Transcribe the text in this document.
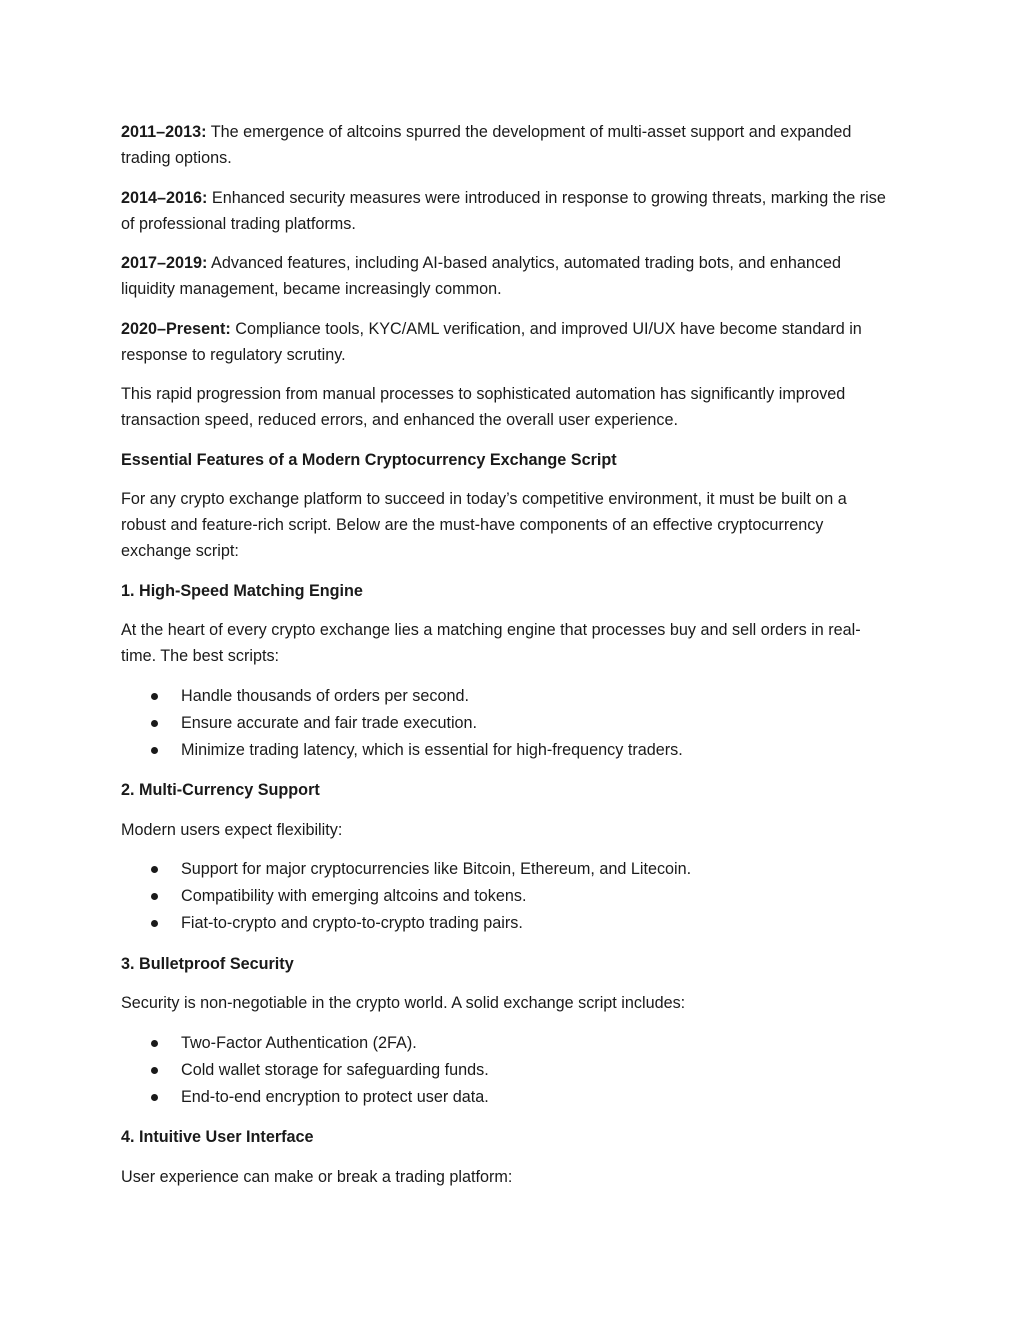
2011–2013: The emergence of altcoins spurred the development of multi-asset support and expanded trading options.

2014–2016: Enhanced security measures were introduced in response to growing threats, marking the rise of professional trading platforms.

2017–2019: Advanced features, including AI-based analytics, automated trading bots, and enhanced liquidity management, became increasingly common.

2020–Present: Compliance tools, KYC/AML verification, and improved UI/UX have become standard in response to regulatory scrutiny.

This rapid progression from manual processes to sophisticated automation has significantly improved transaction speed, reduced errors, and enhanced the overall user experience.

Essential Features of a Modern Cryptocurrency Exchange Script

For any crypto exchange platform to succeed in today’s competitive environment, it must be built on a robust and feature-rich script. Below are the must-have components of an effective cryptocurrency exchange script:

1. High-Speed Matching Engine

At the heart of every crypto exchange lies a matching engine that processes buy and sell orders in real-time. The best scripts:

Handle thousands of orders per second.
Ensure accurate and fair trade execution.
Minimize trading latency, which is essential for high-frequency traders.

2. Multi-Currency Support

Modern users expect flexibility:

Support for major cryptocurrencies like Bitcoin, Ethereum, and Litecoin.
Compatibility with emerging altcoins and tokens.
Fiat-to-crypto and crypto-to-crypto trading pairs.

3. Bulletproof Security

Security is non-negotiable in the crypto world. A solid exchange script includes:

Two-Factor Authentication (2FA).
Cold wallet storage for safeguarding funds.
End-to-end encryption to protect user data.

4. Intuitive User Interface

User experience can make or break a trading platform:
